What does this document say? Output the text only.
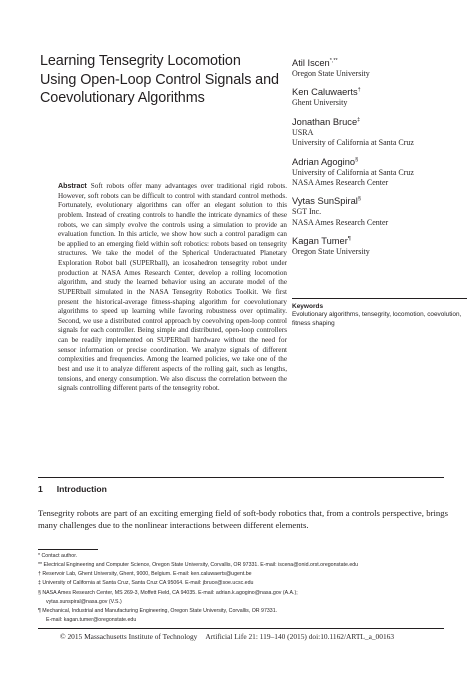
Learning Tensegrity Locomotion Using Open-Loop Control Signals and Coevolutionary Algorithms
Atil Iscen*,**
Oregon State University
Ken Caluwaerts†
Ghent University
Jonathan Bruce‡
USRA
University of California at Santa Cruz
Adrian Agogino§
University of California at Santa Cruz
NASA Ames Research Center
Vytas SunSpiral§
SGT Inc.
NASA Ames Research Center
Kagan Tumer¶
Oregon State University

Abstract Soft robots offer many advantages over traditional rigid robots. However, soft robots can be difficult to control with standard control methods. Fortunately, evolutionary algorithms can offer an elegant solution to this problem. Instead of creating controls to handle the intricate dynamics of these robots, we can simply evolve the controls using a simulation to provide an evaluation function. In this article, we show how such a control paradigm can be applied to an emerging field within soft robotics: robots based on tensegrity structures. We take the model of the Spherical Underactuated Planetary Exploration Robot ball (SUPERball), an icosahedron tensegrity robot under production at NASA Ames Research Center, develop a rolling locomotion algorithm, and study the learned behavior using an accurate model of the SUPERball simulated in the NASA Tensegrity Robotics Toolkit. We first present the historical-average fitness-shaping algorithm for coevolutionary algorithms to speed up learning while favoring robustness over optimality. Second, we use a distributed control approach by coevolving open-loop control signals for each controller. Being simple and distributed, open-loop controllers can be readily implemented on SUPERball hardware without the need for sensor information or precise coordination. We analyze signals of different complexities and frequencies. Among the learned policies, we take one of the best and use it to analyze different aspects of the rolling gait, such as lengths, tensions, and energy consumption. We also discuss the correlation between the signals controlling different parts of the tensegrity robot.

Keywords
Evolutionary algorithms, tensegrity, locomotion, coevolution, fitness shaping
1 Introduction

Tensegrity robots are part of an exciting emerging field of soft-body robotics that, from a controls perspective, brings many challenges due to the nonlinear interactions between different elements.

* Contact author.
** Electrical Engineering and Computer Science, Oregon State University, Corvallis, OR 97331. E-mail: iscena@onid.orst.oregonstate.edu
† Reservoir Lab, Ghent University, Ghent, 9000, Belgium. E-mail: ken.caluwaerts@ugent.be
‡ University of California at Santa Cruz, Santa Cruz CA 95064. E-mail: jbruce@soe.ucsc.edu
§ NASA Ames Research Center, MS 269-3, Moffett Field, CA 94035. E-mail: adrian.k.agogino@nasa.gov (A.A.);
vytas.sunspiral@nasa.gov (V.S.)
¶ Mechanical, Industrial and Manufacturing Engineering, Oregon State University, Corvallis, OR 97331.
E-mail: kagan.tumer@oregonstate.edu
© 2015 Massachusetts Institute of Technology Artificial Life 21: 119–140 (2015) doi:10.1162/ARTL_a_00163
